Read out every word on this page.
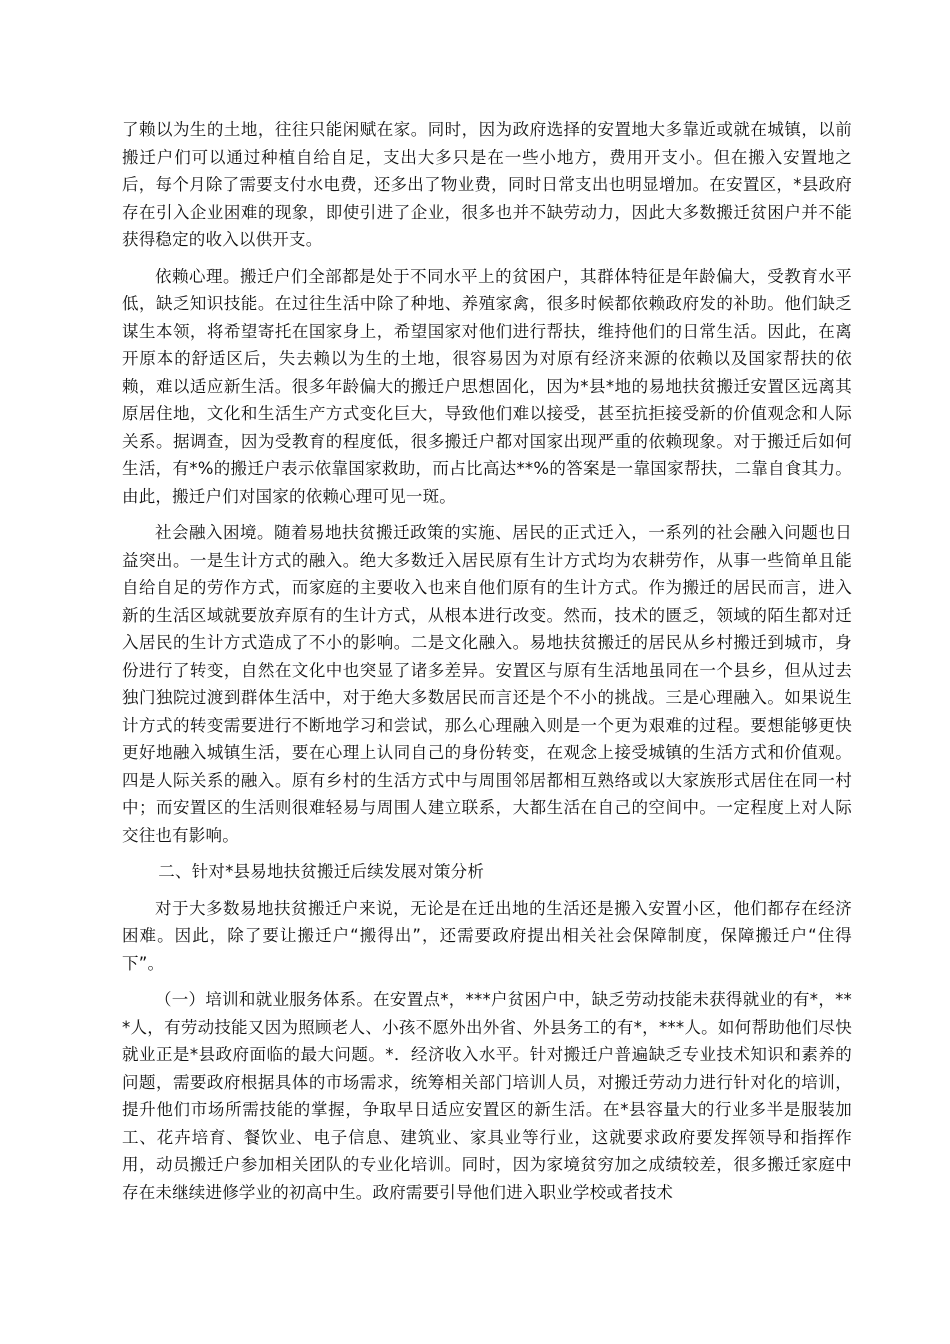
了赖以为生的土地，往往只能闲赋在家。同时，因为政府选择的安置地大多靠近或就在城镇，以前搬迁户们可以通过种植自给自足，支出大多只是在一些小地方，费用开支小。但在搬入安置地之后，每个月除了需要支付水电费，还多出了物业费，同时日常支出也明显增加。在安置区，*县政府存在引入企业困难的现象，即使引进了企业，很多也并不缺劳动力，因此大多数搬迁贫困户并不能获得稳定的收入以供开支。

依赖心理。搬迁户们全部都是处于不同水平上的贫困户，其群体特征是年龄偏大，受教育水平低，缺乏知识技能。在过往生活中除了种地、养殖家禽，很多时候都依赖政府发的补助。他们缺乏谋生本领，将希望寄托在国家身上，希望国家对他们进行帮扶，维持他们的日常生活。因此，在离开原本的舒适区后，失去赖以为生的土地，很容易因为对原有经济来源的依赖以及国家帮扶的依赖，难以适应新生活。很多年龄偏大的搬迁户思想固化，因为*县*地的易地扶贫搬迁安置区远离其原居住地，文化和生活生产方式变化巨大，导致他们难以接受，甚至抗拒接受新的价值观念和人际关系。据调查，因为受教育的程度低，很多搬迁户都对国家出现严重的依赖现象。对于搬迁后如何生活，有*%的搬迁户表示依靠国家救助，而占比高达**%的答案是一靠国家帮扶，二靠自食其力。由此，搬迁户们对国家的依赖心理可见一斑。

社会融入困境。随着易地扶贫搬迁政策的实施、居民的正式迁入，一系列的社会融入问题也日益突出。一是生计方式的融入。绝大多数迁入居民原有生计方式均为农耕劳作，从事一些简单且能自给自足的劳作方式，而家庭的主要收入也来自他们原有的生计方式。作为搬迁的居民而言，进入新的生活区域就要放弃原有的生计方式，从根本进行改变。然而，技术的匮乏，领域的陌生都对迁入居民的生计方式造成了不小的影响。二是文化融入。易地扶贫搬迁的居民从乡村搬迁到城市，身份进行了转变，自然在文化中也突显了诸多差异。安置区与原有生活地虽同在一个县乡，但从过去独门独院过渡到群体生活中，对于绝大多数居民而言还是个不小的挑战。三是心理融入。如果说生计方式的转变需要进行不断地学习和尝试，那么心理融入则是一个更为艰难的过程。要想能够更快更好地融入城镇生活，要在心理上认同自己的身份转变，在观念上接受城镇的生活方式和价值观。四是人际关系的融入。原有乡村的生活方式中与周围邻居都相互熟络或以大家族形式居住在同一村中；而安置区的生活则很难轻易与周围人建立联系，大都生活在自己的空间中。一定程度上对人际交往也有影响。

二、针对*县易地扶贫搬迁后续发展对策分析

对于大多数易地扶贫搬迁户来说，无论是在迁出地的生活还是搬入安置小区，他们都存在经济困难。因此，除了要让搬迁户“搬得出”，还需要政府提出相关社会保障制度，保障搬迁户“住得下”。

（一）培训和就业服务体系。在安置点*，***户贫困户中，缺乏劳动技能未获得就业的有*，***人，有劳动技能又因为照顾老人、小孩不愿外出外省、外县务工的有*，***人。如何帮助他们尽快就业正是*县政府面临的最大问题。*．经济收入水平。针对搬迁户普遍缺乏专业技术知识和素养的问题，需要政府根据具体的市场需求，统筹相关部门培训人员，对搬迁劳动力进行针对化的培训，提升他们市场所需技能的掌握，争取早日适应安置区的新生活。在*县容量大的行业多半是服装加工、花卉培育、餐饮业、电子信息、建筑业、家具业等行业，这就要求政府要发挥领导和指挥作用，动员搬迁户参加相关团队的专业化培训。同时，因为家境贫穷加之成绩较差，很多搬迁家庭中存在未继续进修学业的初高中生。政府需要引导他们进入职业学校或者技术
